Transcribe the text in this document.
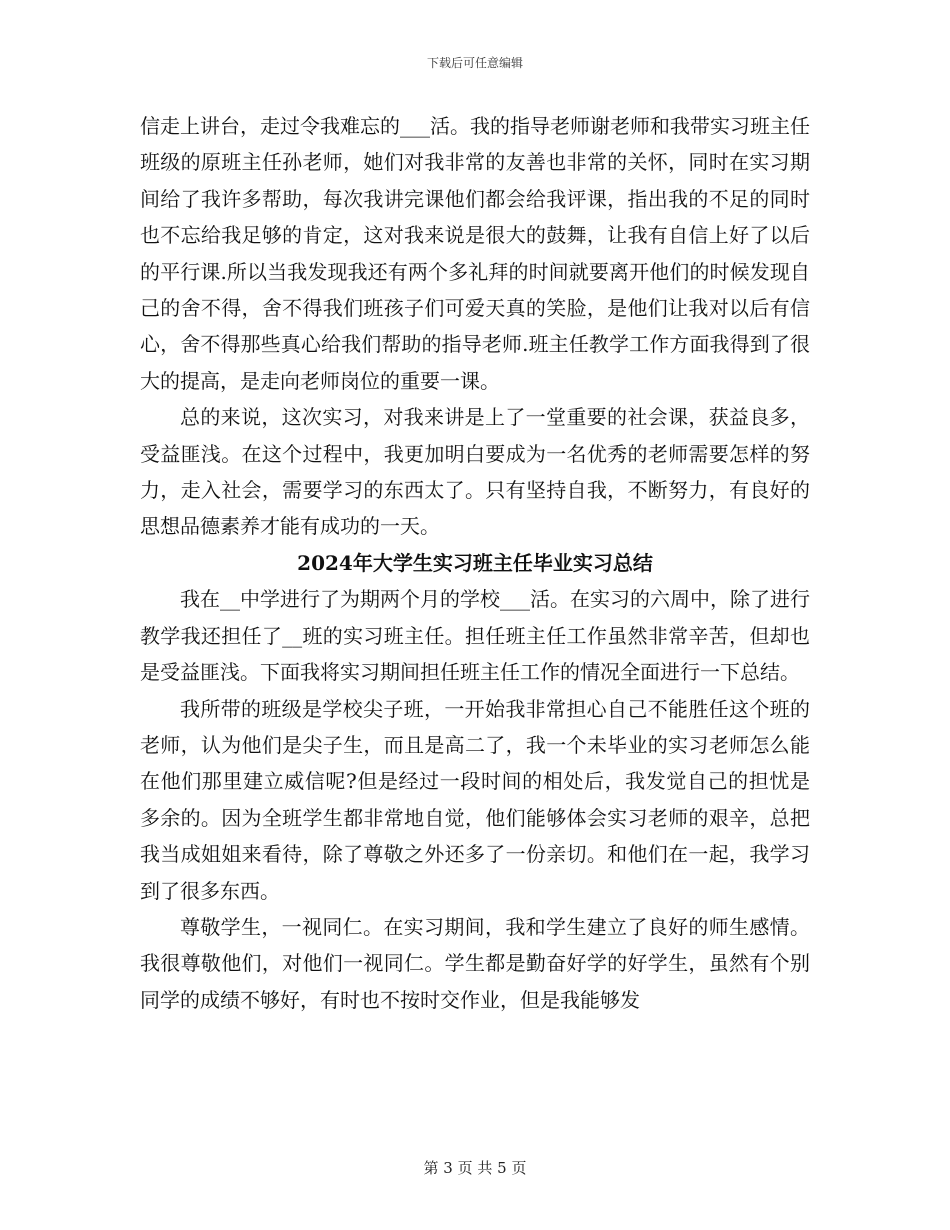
下载后可任意编辑

信走上讲台，走过令我难忘的___活。我的指导老师谢老师和我带实习班主任班级的原班主任孙老师，她们对我非常的友善也非常的关怀，同时在实习期间给了我许多帮助，每次我讲完课他们都会给我评课，指出我的不足的同时也不忘给我足够的肯定，这对我来说是很大的鼓舞，让我有自信上好了以后的平行课.所以当我发现我还有两个多礼拜的时间就要离开他们的时候发现自己的舍不得，舍不得我们班孩子们可爱天真的笑脸，是他们让我对以后有信心，舍不得那些真心给我们帮助的指导老师.班主任教学工作方面我得到了很大的提高，是走向老师岗位的重要一课。

总的来说，这次实习，对我来讲是上了一堂重要的社会课，获益良多，受益匪浅。在这个过程中，我更加明白要成为一名优秀的老师需要怎样的努力，走入社会，需要学习的东西太了。只有坚持自我，不断努力，有良好的思想品德素养才能有成功的一天。

2024年大学生实习班主任毕业实习总结

我在__中学进行了为期两个月的学校___活。在实习的六周中，除了进行教学我还担任了__班的实习班主任。担任班主任工作虽然非常辛苦，但却也是受益匪浅。下面我将实习期间担任班主任工作的情况全面进行一下总结。

我所带的班级是学校尖子班，一开始我非常担心自己不能胜任这个班的老师，认为他们是尖子生，而且是高二了，我一个未毕业的实习老师怎么能在他们那里建立威信呢?但是经过一段时间的相处后，我发觉自己的担忧是多余的。因为全班学生都非常地自觉，他们能够体会实习老师的艰辛，总把我当成姐姐来看待，除了尊敬之外还多了一份亲切。和他们在一起，我学习到了很多东西。

尊敬学生，一视同仁。在实习期间，我和学生建立了良好的师生感情。我很尊敬他们，对他们一视同仁。学生都是勤奋好学的好学生，虽然有个别同学的成绩不够好，有时也不按时交作业，但是我能够发

第 3 页 共 5 页
